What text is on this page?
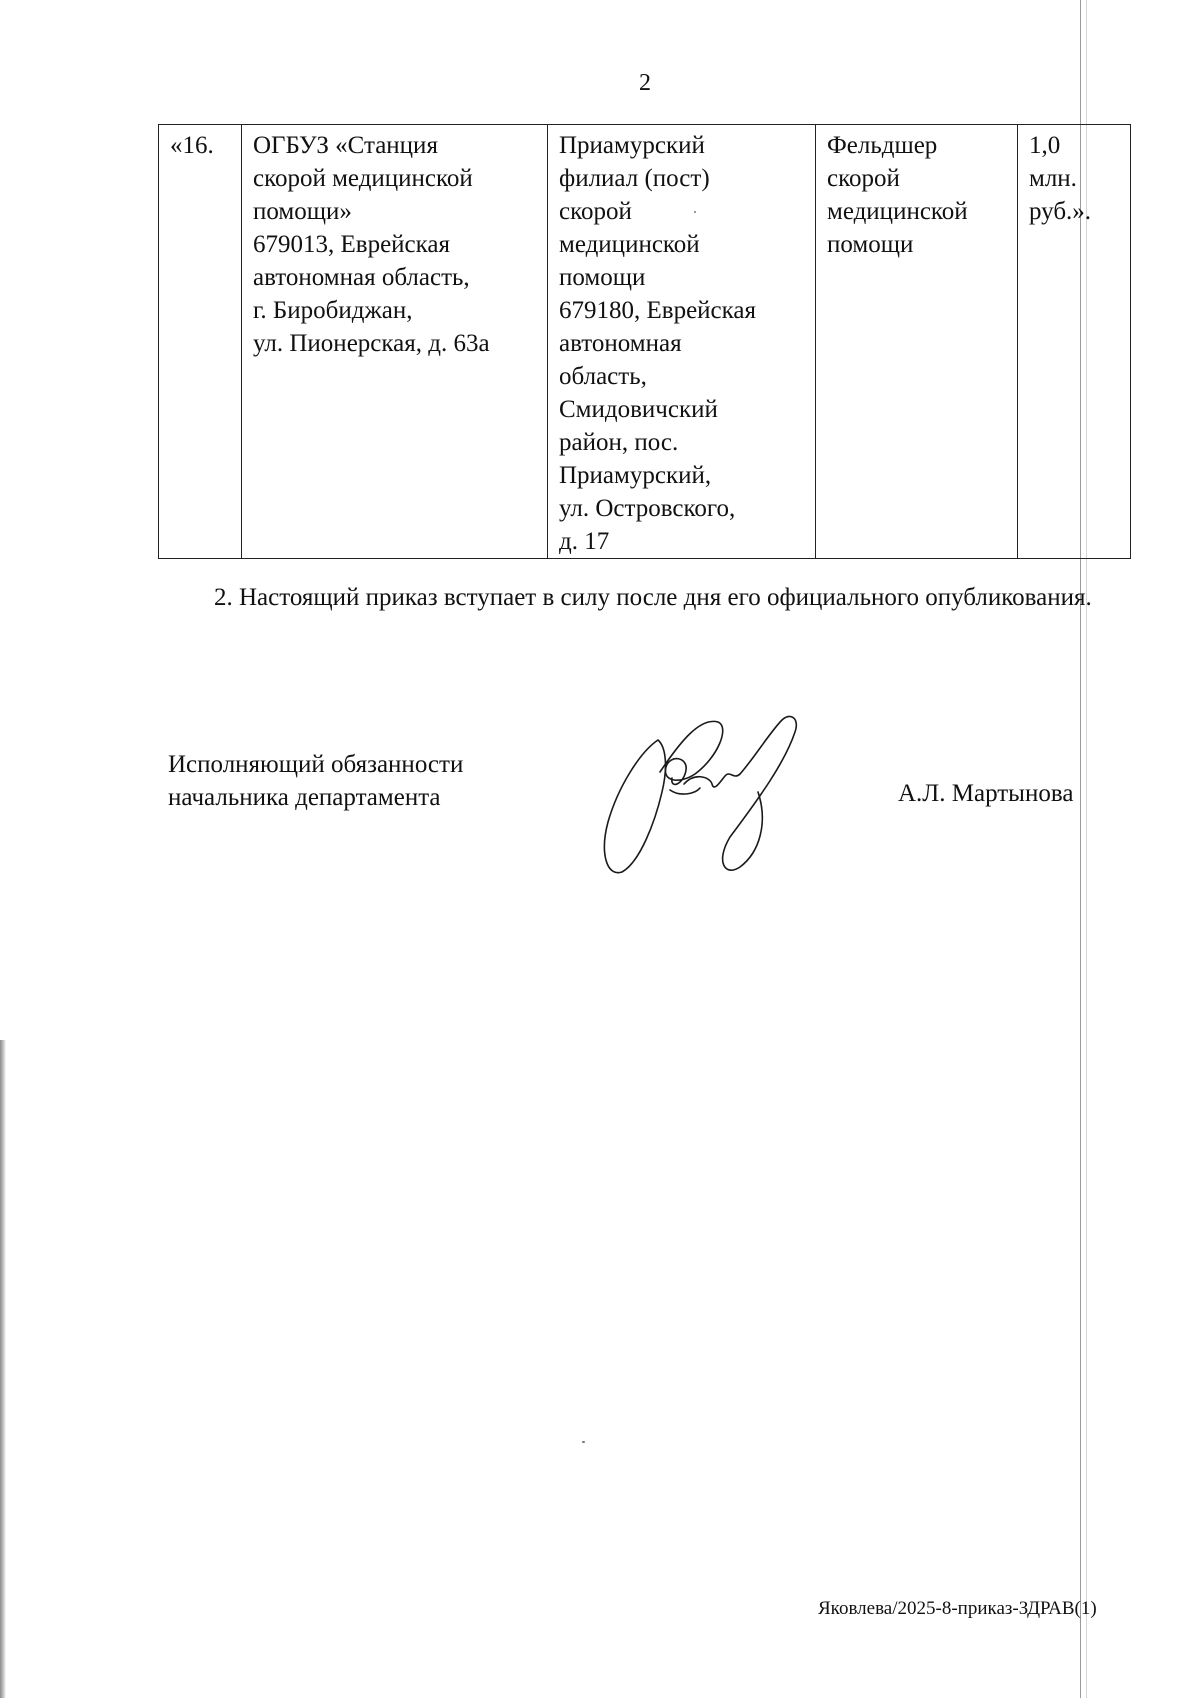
2
«16.	ОГБУЗ «Станция
скорой медицинской
помощи»
679013, Еврейская
автономная область,
г. Биробиджан,
ул. Пионерская, д. 63а	Приамурский
филиал (пост)
скорой
медицинской
помощи
679180, Еврейская
автономная
область,
Смидовичский
район, пос.
Приамурский,
ул. Островского,
д. 17	Фельдшер
скорой
медицинской
помощи	1,0
млн.
руб.».
2. Настоящий приказ вступает в силу после дня его официального опубликования.
Исполняющий обязанности
начальника департамента	А.Л. Мартынова
Яковлева/2025-8-приказ-ЗДРАВ(1)
